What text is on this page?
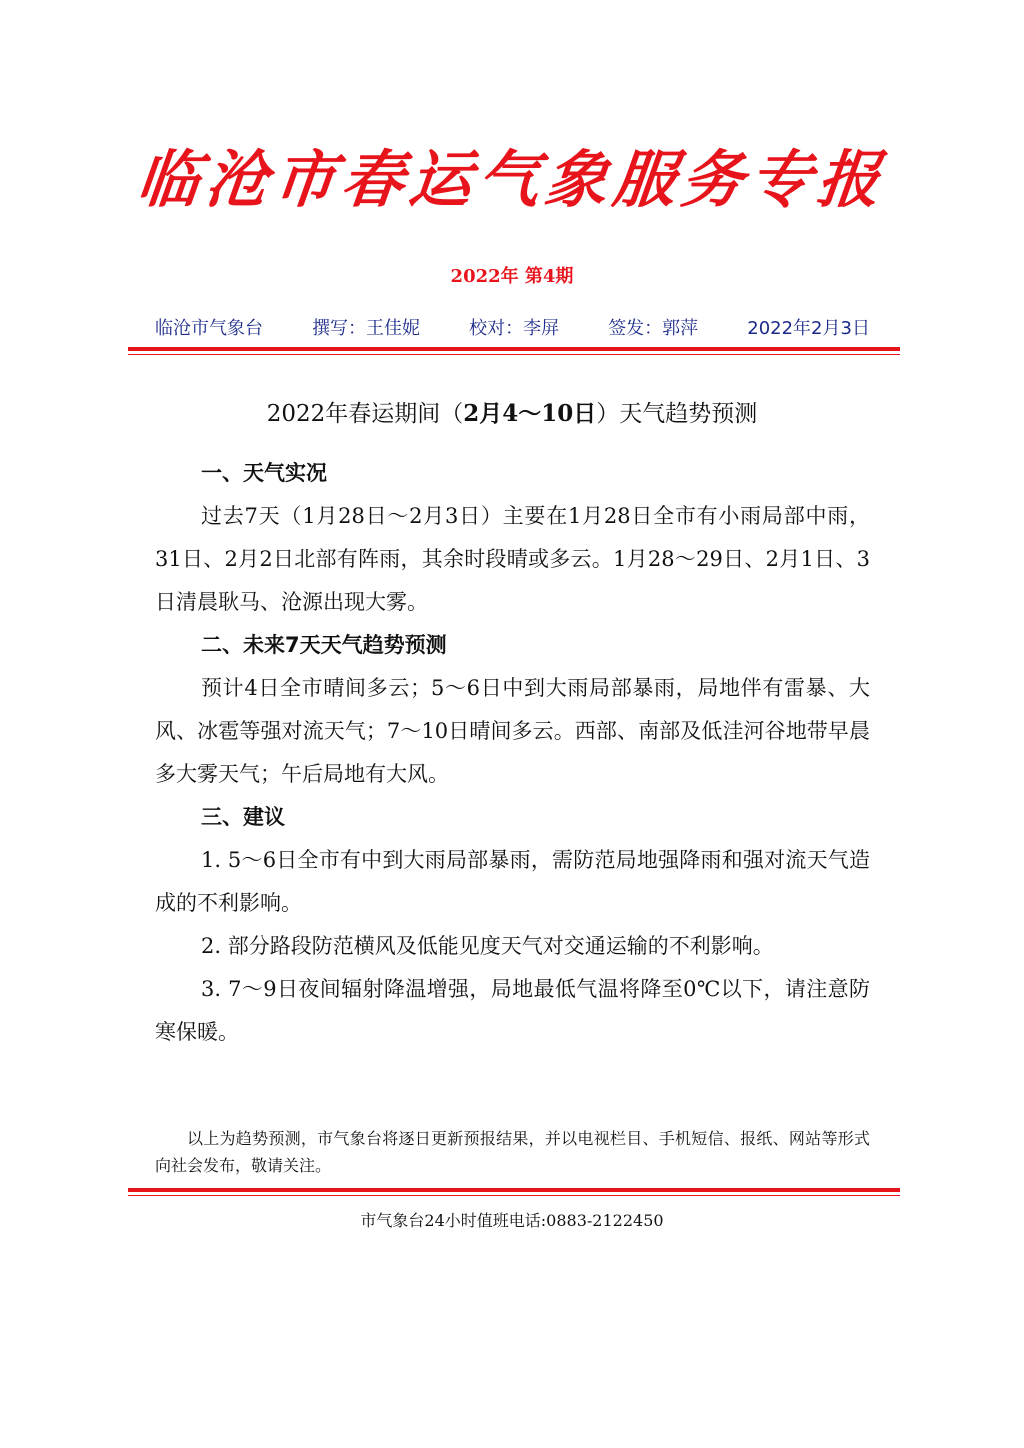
临沧市春运气象服务专报
2022年 第4期
临沧市气象台	撰写：王佳妮	校对：李屏	签发：郭萍	2022年2月3日
2022年春运期间（2月4～10日）天气趋势预测

一、天气实况

过去7天（1月28日～2月3日）主要在1月28日全市有小雨局部中雨，31日、2月2日北部有阵雨，其余时段晴或多云。1月28～29日、2月1日、3日清晨耿马、沧源出现大雾。

二、未来7天天气趋势预测

预计4日全市晴间多云；5～6日中到大雨局部暴雨，局地伴有雷暴、大风、冰雹等强对流天气；7～10日晴间多云。西部、南部及低洼河谷地带早晨多大雾天气；午后局地有大风。

三、建议

1. 5～6日全市有中到大雨局部暴雨，需防范局地强降雨和强对流天气造成的不利影响。

2. 部分路段防范横风及低能见度天气对交通运输的不利影响。

3. 7～9日夜间辐射降温增强，局地最低气温将降至0℃以下，请注意防寒保暖。

以上为趋势预测，市气象台将逐日更新预报结果，并以电视栏目、手机短信、报纸、网站等形式向社会发布，敬请关注。
市气象台24小时值班电话:0883-2122450
